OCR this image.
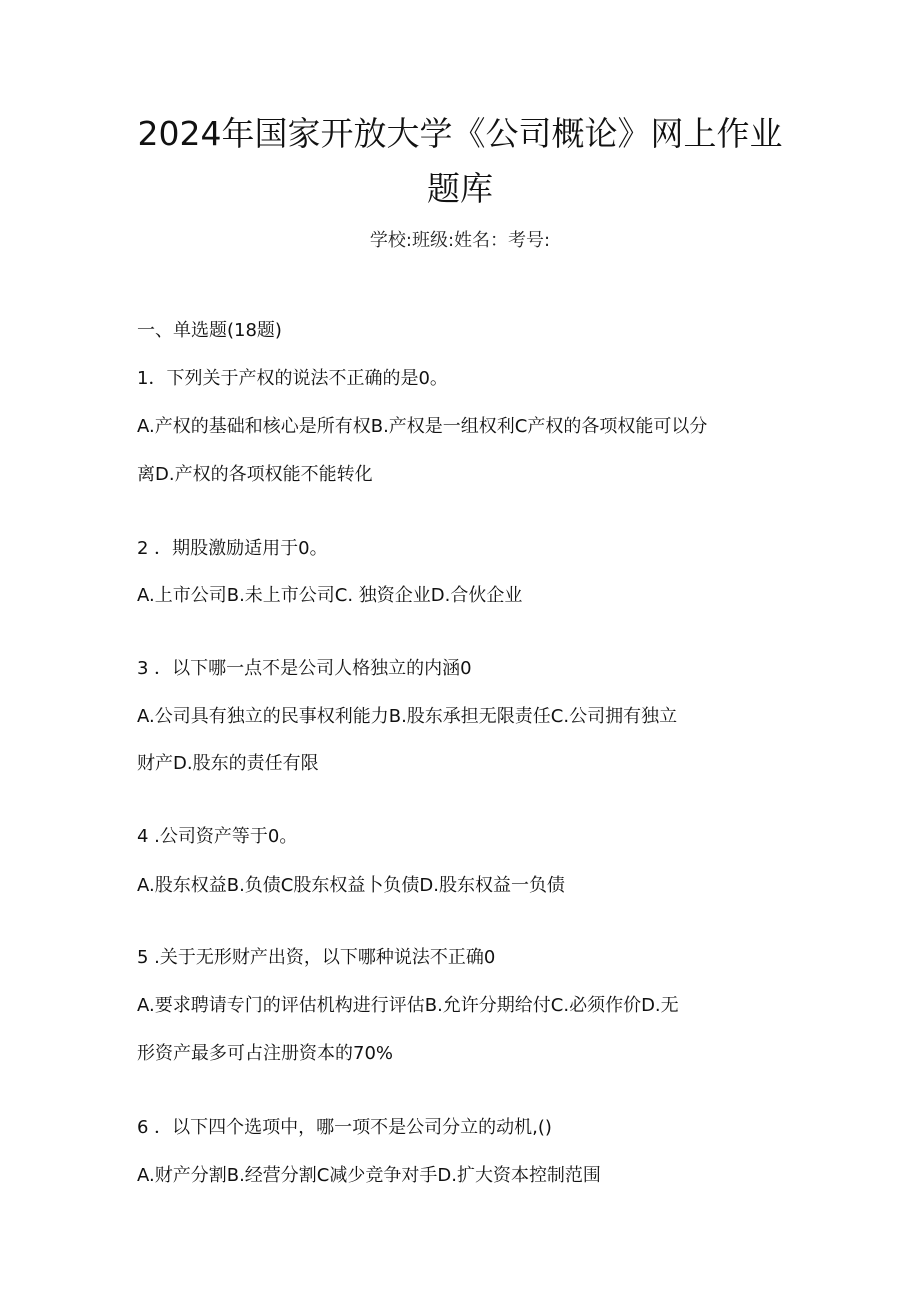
2024年国家开放大学《公司概论》网上作业
题库
学校:班级:姓名：考号:
一、单选题(18题)
1．下列关于产权的说法不正确的是0。
A.产权的基础和核心是所有权B.产权是一组权利C产权的各项权能可以分
离D.产权的各项权能不能转化
2 ．期股激励适用于0。
A.上市公司B.未上市公司C. 独资企业D.合伙企业
3 ．以下哪一点不是公司人格独立的内涵0
A.公司具有独立的民事权利能力B.股东承担无限责任C.公司拥有独立
财产D.股东的责任有限
4 .公司资产等于0。
A.股东权益B.负债C股东权益卜负债D.股东权益一负债
5 .关于无形财产出资，以下哪种说法不正确0
A.要求聘请专门的评估机构进行评估B.允许分期给付C.必须作价D.无
形资产最多可占注册资本的70%
6 ．以下四个选项中，哪一项不是公司分立的动机,()
A.财产分割B.经营分割C减少竞争对手D.扩大资本控制范围
